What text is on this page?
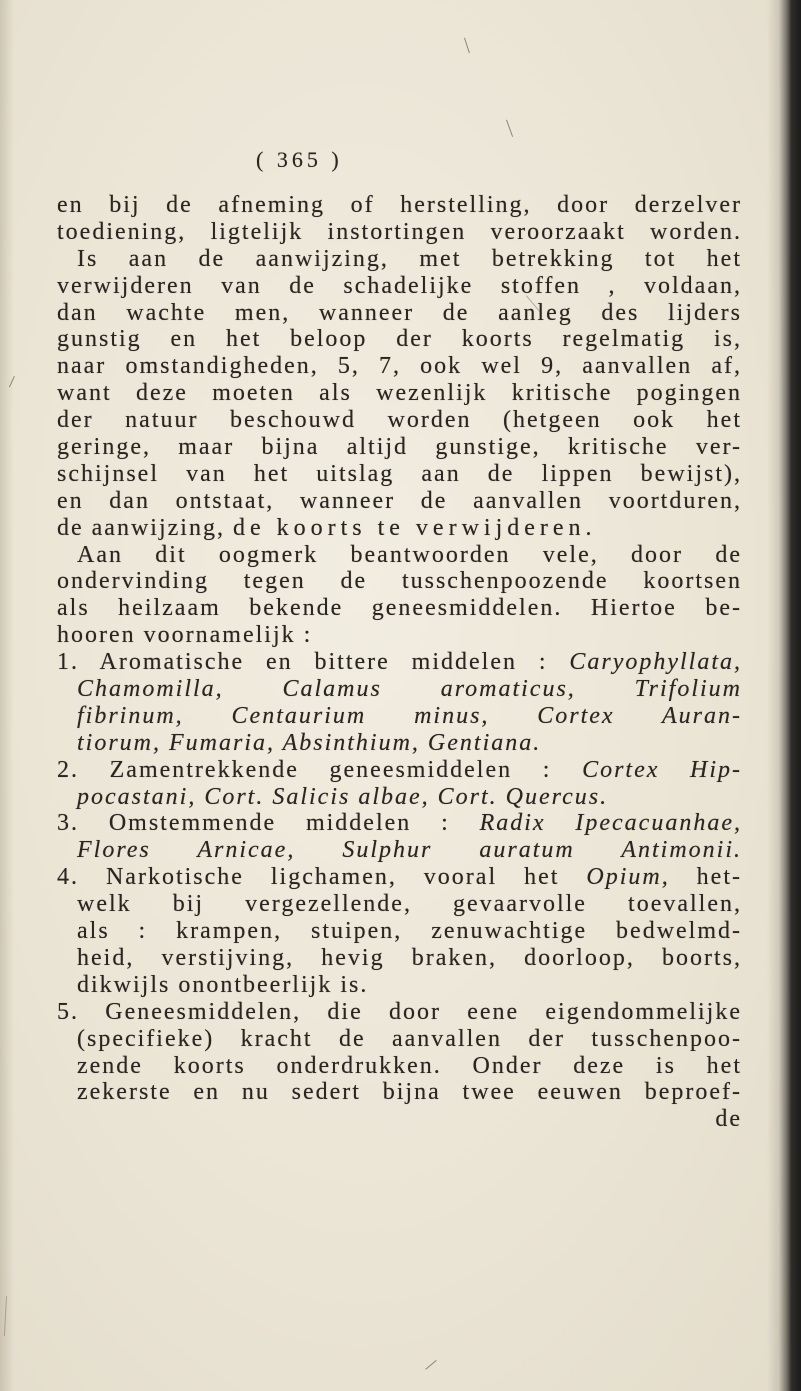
( 365 )
en bij de afneming of herstelling, door derzelver
toediening, ligtelijk instortingen veroorzaakt worden.
Is aan de aanwijzing, met betrekking tot het
verwijderen van de schadelijke stoffen , voldaan,
dan wachte men, wanneer de aanleg des lijders
gunstig en het beloop der koorts regelmatig is,
naar omstandigheden, 5, 7, ook wel 9, aanvallen af,
want deze moeten als wezenlijk kritische pogingen
der natuur beschouwd worden (hetgeen ook het
geringe, maar bijna altijd gunstige, kritische ver-
schijnsel van het uitslag aan de lippen bewijst),
en dan ontstaat, wanneer de aanvallen voortduren,
de aanwijzing, de koorts te verwijderen.
Aan dit oogmerk beantwoorden vele, door de
ondervinding tegen de tusschenpoozende koortsen
als heilzaam bekende geneesmiddelen. Hiertoe be-
hooren voornamelijk :
1. Aromatische en bittere middelen : Caryophyllata,
Chamomilla, Calamus aromaticus, Trifolium
fibrinum, Centaurium minus, Cortex Auran-
tiorum, Fumaria, Absinthium, Gentiana.
2. Zamentrekkende geneesmiddelen : Cortex Hip-
pocastani, Cort. Salicis albae, Cort. Quercus.
3. Omstemmende middelen : Radix Ipecacuanhae,
Flores Arnicae, Sulphur auratum Antimonii.
4. Narkotische ligchamen, vooral het Opium, het-
welk bij vergezellende, gevaarvolle toevallen,
als : krampen, stuipen, zenuwachtige bedwelmd-
heid, verstijving, hevig braken, doorloop, boorts,
dikwijls onontbeerlijk is.
5. Geneesmiddelen, die door eene eigendommelijke
(specifieke) kracht de aanvallen der tusschenpoo-
zende koorts onderdrukken. Onder deze is het
zekerste en nu sedert bijna twee eeuwen beproef-
de
